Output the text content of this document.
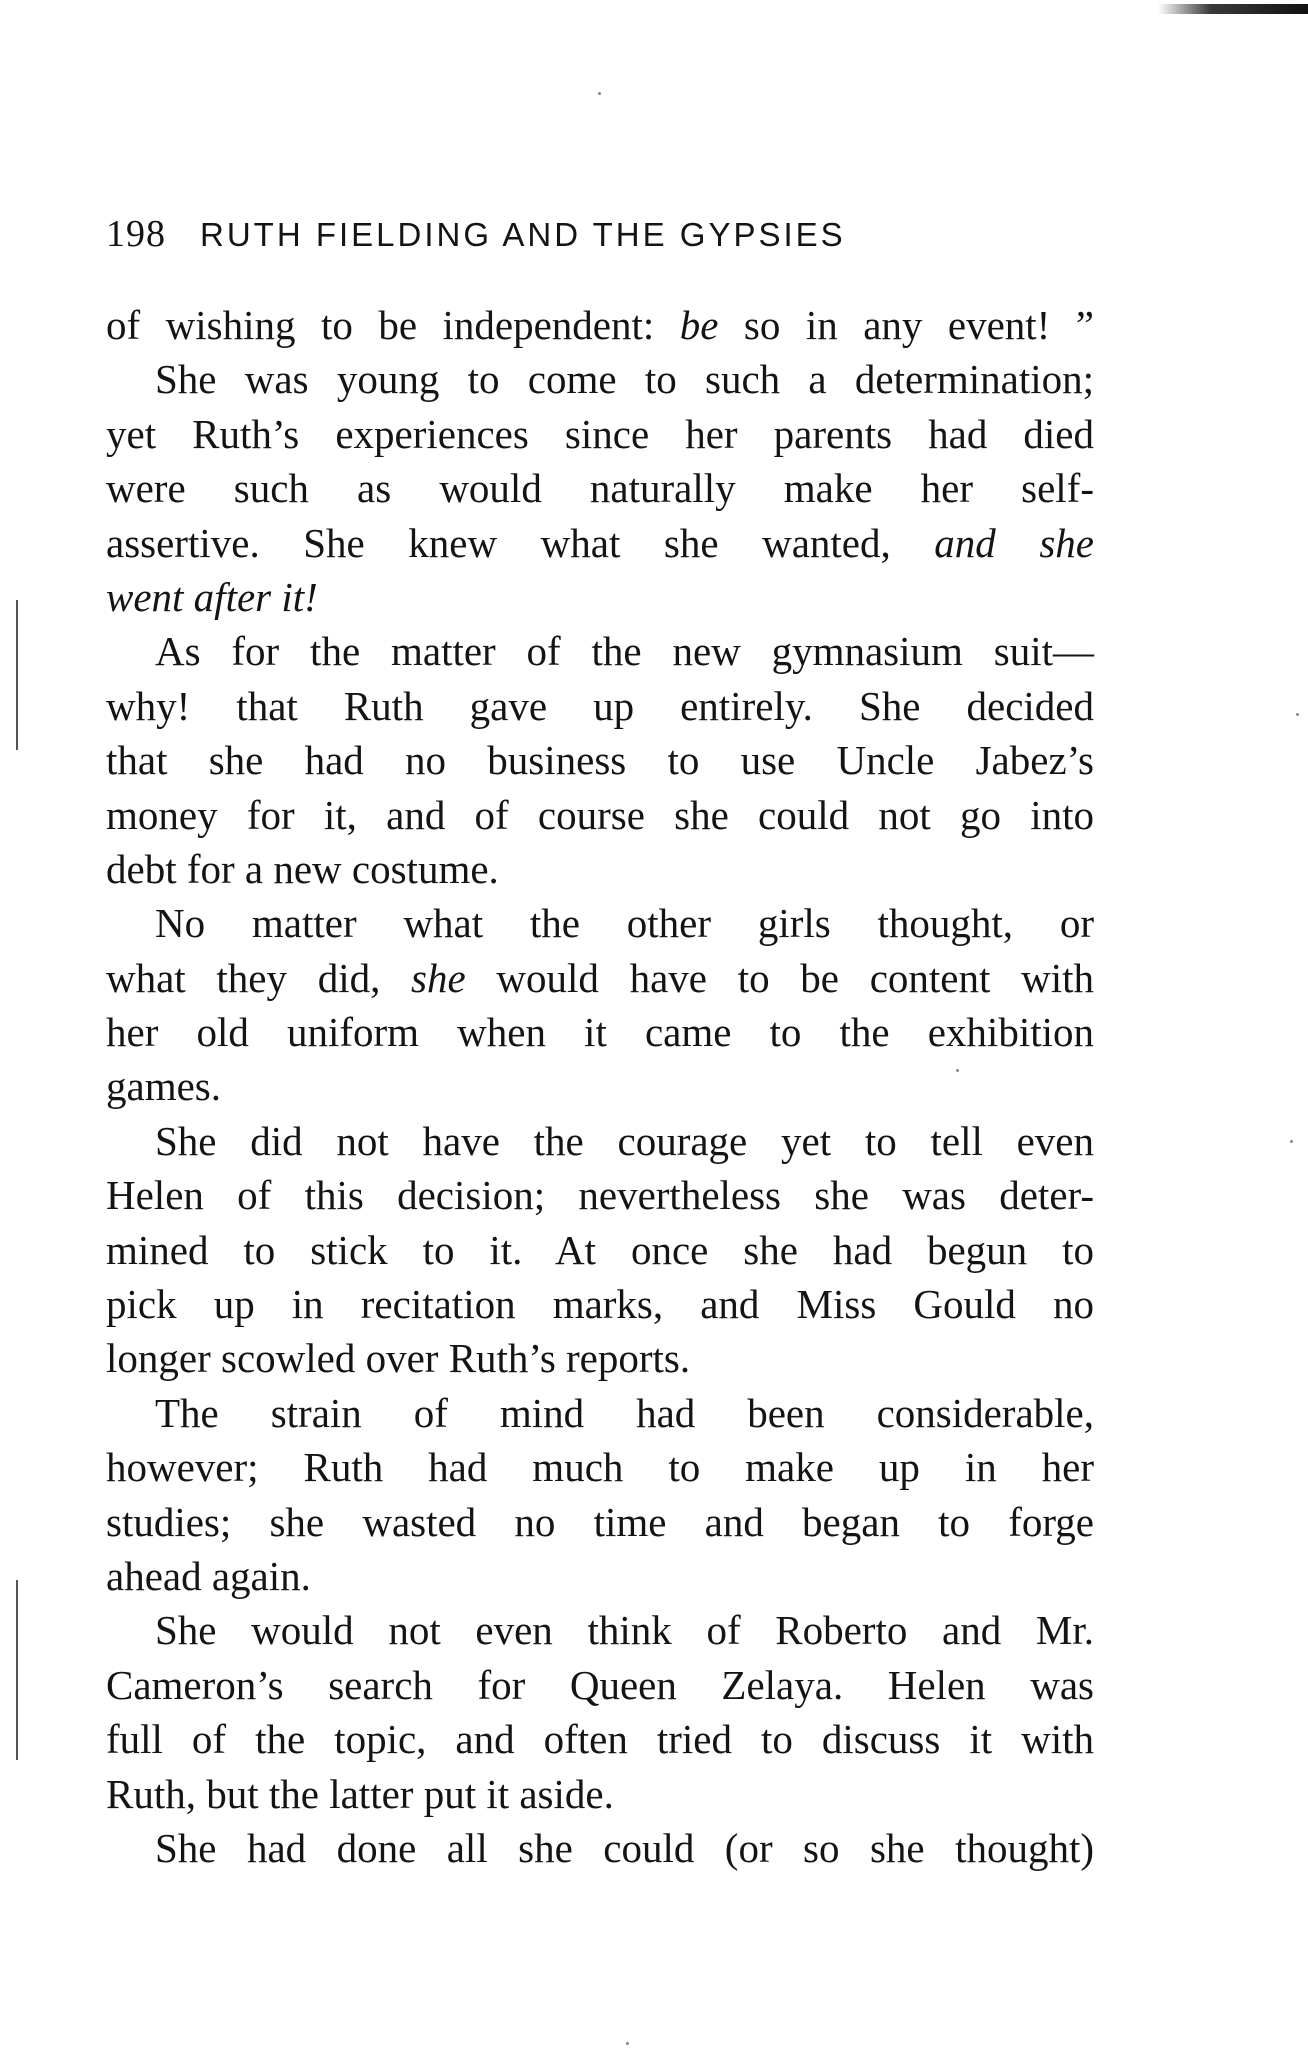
198 RUTH FIELDING AND THE GYPSIES
of wishing to be independent: be so in any event! ”
She was young to come to such a determination;
yet Ruth’s experiences since her parents had died
were such as would naturally make her self-
assertive. She knew what she wanted, and she
went after it!
As for the matter of the new gymnasium suit—
why! that Ruth gave up entirely. She decided
that she had no business to use Uncle Jabez’s
money for it, and of course she could not go into
debt for a new costume.
No matter what the other girls thought, or
what they did, she would have to be content with
her old uniform when it came to the exhibition
games.
She did not have the courage yet to tell even
Helen of this decision; nevertheless she was deter-
mined to stick to it. At once she had begun to
pick up in recitation marks, and Miss Gould no
longer scowled over Ruth’s reports.
The strain of mind had been considerable,
however; Ruth had much to make up in her
studies; she wasted no time and began to forge
ahead again.
She would not even think of Roberto and Mr.
Cameron’s search for Queen Zelaya. Helen was
full of the topic, and often tried to discuss it with
Ruth, but the latter put it aside.
She had done all she could (or so she thought)
